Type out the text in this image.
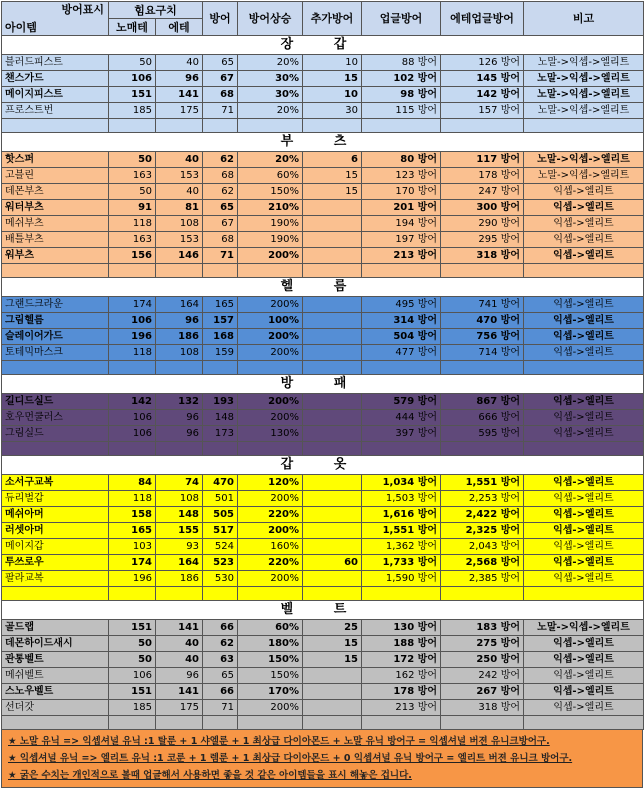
방어표시
아이템	힘요구치		방어	방어상승	추가방어	업글방어	에테업글방어	비고
	노매테	에테						
장 갑								
블러드피스트	50	40	65	20%	10	88 방어	126 방어	노말->익셉->엘리트
챈스가드	106	96	67	30%	15	102 방어	145 방어	노말->익셉->엘리트
메이지피스트	151	141	68	30%	10	98 방어	142 방어	노말->익셉->엘리트
프로스트번	185	175	71	20%	30	115 방어	157 방어	노말->익셉->엘리트

부 츠								
핫스퍼	50	40	62	20%	6	80 방어	117 방어	노말->익셉->엘리트
고블린	163	153	68	60%	15	123 방어	178 방어	노말->익셉->엘리트
데몬부츠	50	40	62	150%	15	170 방어	247 방어	익셉->엘리트
워터부츠	91	81	65	210%		201 방어	300 방어	익셉->엘리트
메쉬부츠	118	108	67	190%		194 방어	290 방어	익셉->엘리트
배틀부츠	163	153	68	190%		197 방어	295 방어	익셉->엘리트
워부츠	156	146	71	200%		213 방어	318 방어	익셉->엘리트

헬 름								
그랜드크라운	174	164	165	200%		495 방어	741 방어	익셉->엘리트
그림헬름	106	96	157	100%		314 방어	470 방어	익셉->엘리트
슬레이어가드	196	186	168	200%		504 방어	756 방어	익셉->엘리트
토테믹마스크	118	108	159	200%		477 방어	714 방어	익셉->엘리트

방 패								
길디드실드	142	132	193	200%		579 방어	867 방어	익셉->엘리트
호우먼쿨러스	106	96	148	200%		444 방어	666 방어	익셉->엘리트
그림실드	106	96	173	130%		397 방어	595 방어	익셉->엘리트

갑 옷								
소서구교복	84	74	470	120%		1,034 방어	1,551 방어	익셉->엘리트
듀리벌갑	118	108	501	200%		1,503 방어	2,253 방어	익셉->엘리트
메쉬아머	158	148	505	220%		1,616 방어	2,422 방어	익셉->엘리트
러셋아머	165	155	517	200%		1,551 방어	2,325 방어	익셉->엘리트
메이지갑	103	93	524	160%		1,362 방어	2,043 방어	익셉->엘리트
투쓰로우	174	164	523	220%	60	1,733 방어	2,568 방어	익셉->엘리트
팔라교복	196	186	530	200%		1,590 방어	2,385 방어	익셉->엘리트

벨 트								
골드랩	151	141	66	60%	25	130 방어	183 방어	노말->익셉->엘리트
데몬하이드새시	50	40	62	180%	15	188 방어	275 방어	익셉->엘리트
관통벨트	50	40	63	150%	15	172 방어	250 방어	익셉->엘리트
메쉬벨트	106	96	65	150%		162 방어	242 방어	익셉->엘리트
스노우벨트	151	141	66	170%		178 방어	267 방어	익셉->엘리트
선더갓	185	175	71	200%		213 방어	318 방어	익셉->엘리트

★ 노말 유닉 => 익셉셔널 유닉 :1 탈룬 + 1 샤엘룬 + 1 최상급 다이아몬드 + 노말 유닉 방어구 = 익셉셔널 버젼 유니크방어구.
★ 익셉셔널 유닉 => 엘리트 유닉 :1 코룬 + 1 렘룬 + 1 최상급 다이아몬드 + 0 익셉셔널 유닉 방어구 = 엘리트 버젼 유니크 방어구.
★ 굵은 수치는 개인적으로 볼때 업글해서 사용하면 좋을 것 같은 아이템들을 표시 해놓은 겁니다.
